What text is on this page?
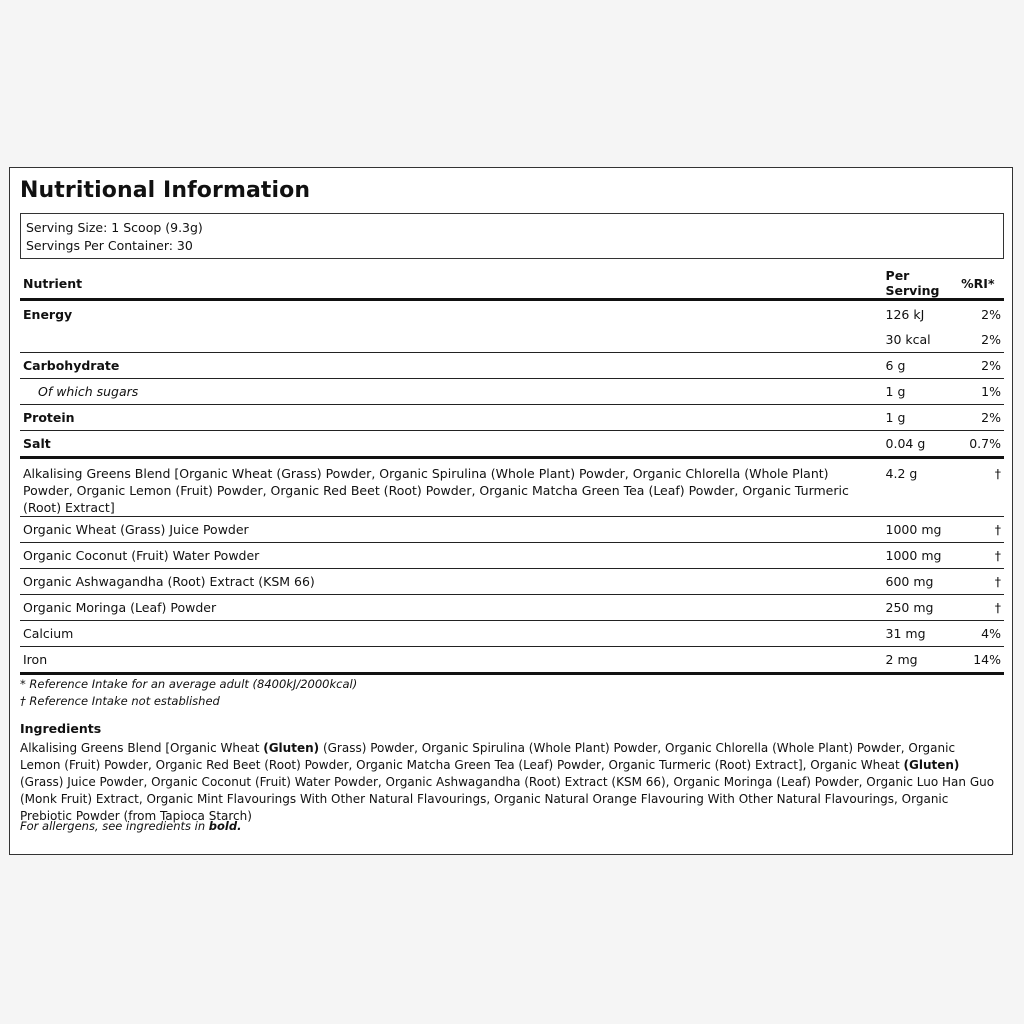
Nutritional Information
Serving Size: 1 Scoop (9.3g)
Servings Per Container: 30
Nutrient	Per Serving	%RI*
Energy	126 kJ	2%
	30 kcal	2%
Carbohydrate	6 g	2%
Of which sugars	1 g	1%
Protein	1 g	2%
Salt	0.04 g	0.7%
Alkalising Greens Blend [Organic Wheat (Grass) Powder, Organic Spirulina (Whole Plant) Powder, Organic Chlorella (Whole Plant) Powder, Organic Lemon (Fruit) Powder, Organic Red Beet (Root) Powder, Organic Matcha Green Tea (Leaf) Powder, Organic Turmeric (Root) Extract]	4.2 g	†
Organic Wheat (Grass) Juice Powder	1000 mg	†
Organic Coconut (Fruit) Water Powder	1000 mg	†
Organic Ashwagandha (Root) Extract (KSM 66)	600 mg	†
Organic Moringa (Leaf) Powder	250 mg	†
Calcium	31 mg	4%
Iron	2 mg	14%
* Reference Intake for an average adult (8400kJ/2000kcal)
† Reference Intake not established
Ingredients
Alkalising Greens Blend [Organic Wheat (Gluten) (Grass) Powder, Organic Spirulina (Whole Plant) Powder, Organic Chlorella (Whole Plant) Powder, Organic Lemon (Fruit) Powder, Organic Red Beet (Root) Powder, Organic Matcha Green Tea (Leaf) Powder, Organic Turmeric (Root) Extract], Organic Wheat (Gluten) (Grass) Juice Powder, Organic Coconut (Fruit) Water Powder, Organic Ashwagandha (Root) Extract (KSM 66), Organic Moringa (Leaf) Powder, Organic Luo Han Guo (Monk Fruit) Extract, Organic Mint Flavourings With Other Natural Flavourings, Organic Natural Orange Flavouring With Other Natural Flavourings, Organic Prebiotic Powder (from Tapioca Starch)
For allergens, see ingredients in bold.
